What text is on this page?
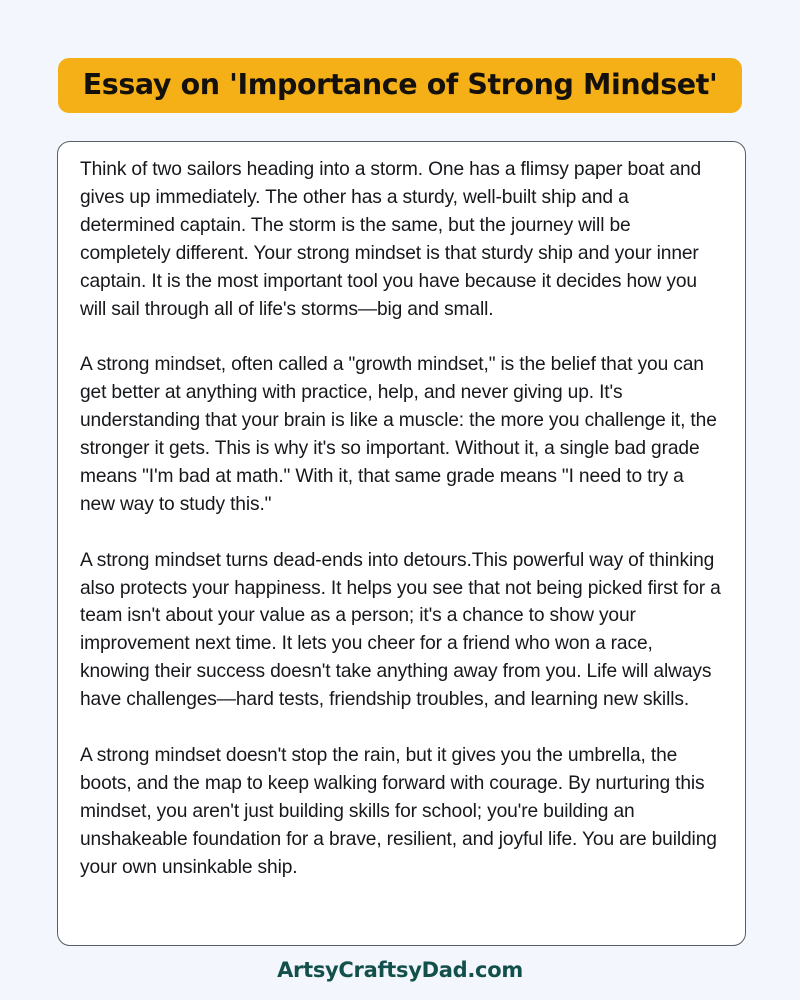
Essay on 'Importance of Strong Mindset'

Think of two sailors heading into a storm. One has a flimsy paper boat and gives up immediately. The other has a sturdy, well-built ship and a determined captain. The storm is the same, but the journey will be completely different. Your strong mindset is that sturdy ship and your inner captain. It is the most important tool you have because it decides how you will sail through all of life's storms—big and small.

A strong mindset, often called a "growth mindset," is the belief that you can get better at anything with practice, help, and never giving up. It's understanding that your brain is like a muscle: the more you challenge it, the stronger it gets. This is why it's so important. Without it, a single bad grade means "I'm bad at math." With it, that same grade means "I need to try a new way to study this."

A strong mindset turns dead-ends into detours.This powerful way of thinking also protects your happiness. It helps you see that not being picked first for a team isn't about your value as a person; it's a chance to show your improvement next time. It lets you cheer for a friend who won a race, knowing their success doesn't take anything away from you. Life will always have challenges—hard tests, friendship troubles, and learning new skills.

A strong mindset doesn't stop the rain, but it gives you the umbrella, the boots, and the map to keep walking forward with courage. By nurturing this mindset, you aren't just building skills for school; you're building an unshakeable foundation for a brave, resilient, and joyful life. You are building your own unsinkable ship.

ArtsyCraftsyDad.com
